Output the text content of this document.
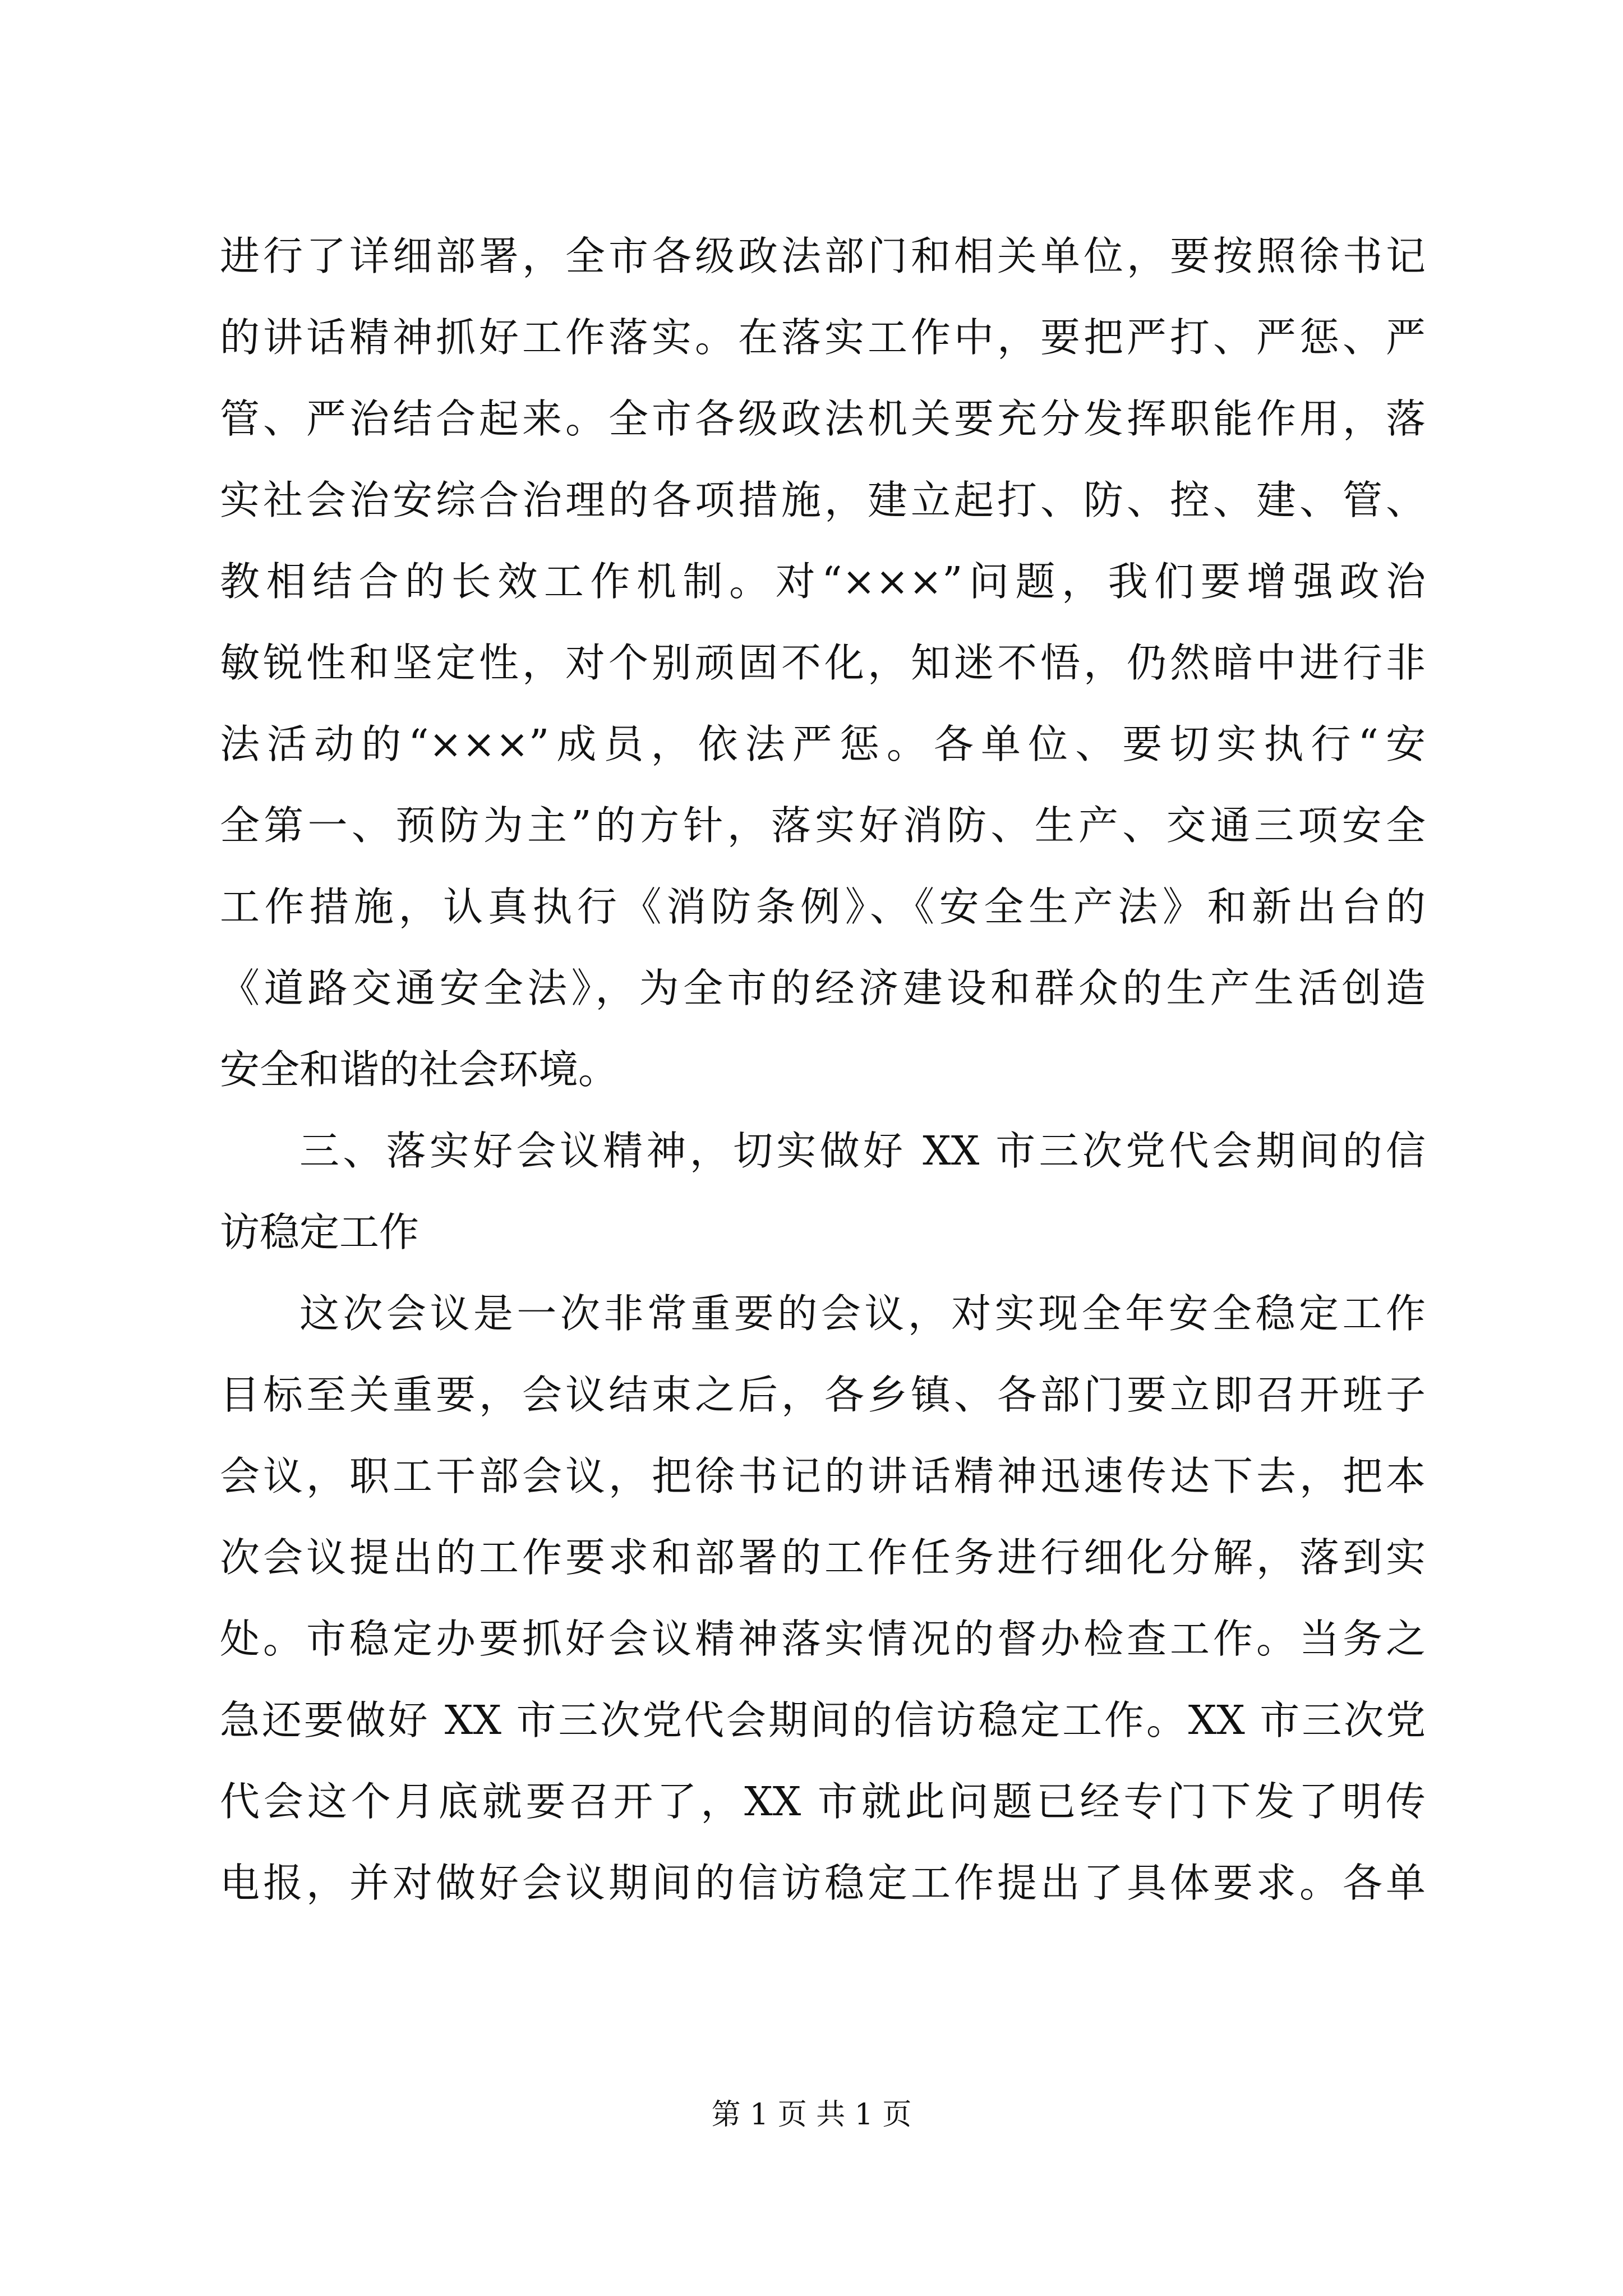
进行了详细部署，全市各级政法部门和相关单位，要按照徐书记
的讲话精神抓好工作落实。在落实工作中，要把严打、严惩、严
管、严治结合起来。全市各级政法机关要充分发挥职能作用，落
实社会治安综合治理的各项措施，建立起打、防、控、建、管、
教相结合的长效工作机制。对“×××”问题，我们要增强政治
敏锐性和坚定性，对个别顽固不化，知迷不悟，仍然暗中进行非
法活动的“×××”成员，依法严惩。各单位、要切实执行“安
全第一、预防为主”的方针，落实好消防、生产、交通三项安全
工作措施，认真执行《消防条例》、《安全生产法》和新出台的
《道路交通安全法》，为全市的经济建设和群众的生产生活创造
安全和谐的社会环境。
三、落实好会议精神，切实做好 XX 市三次党代会期间的信
访稳定工作
这次会议是一次非常重要的会议，对实现全年安全稳定工作
目标至关重要，会议结束之后，各乡镇、各部门要立即召开班子
会议，职工干部会议，把徐书记的讲话精神迅速传达下去，把本
次会议提出的工作要求和部署的工作任务进行细化分解，落到实
处。市稳定办要抓好会议精神落实情况的督办检查工作。当务之
急还要做好 XX 市三次党代会期间的信访稳定工作。XX 市三次党
代会这个月底就要召开了，XX 市就此问题已经专门下发了明传
电报，并对做好会议期间的信访稳定工作提出了具体要求。各单
第 1 页 共 1 页
